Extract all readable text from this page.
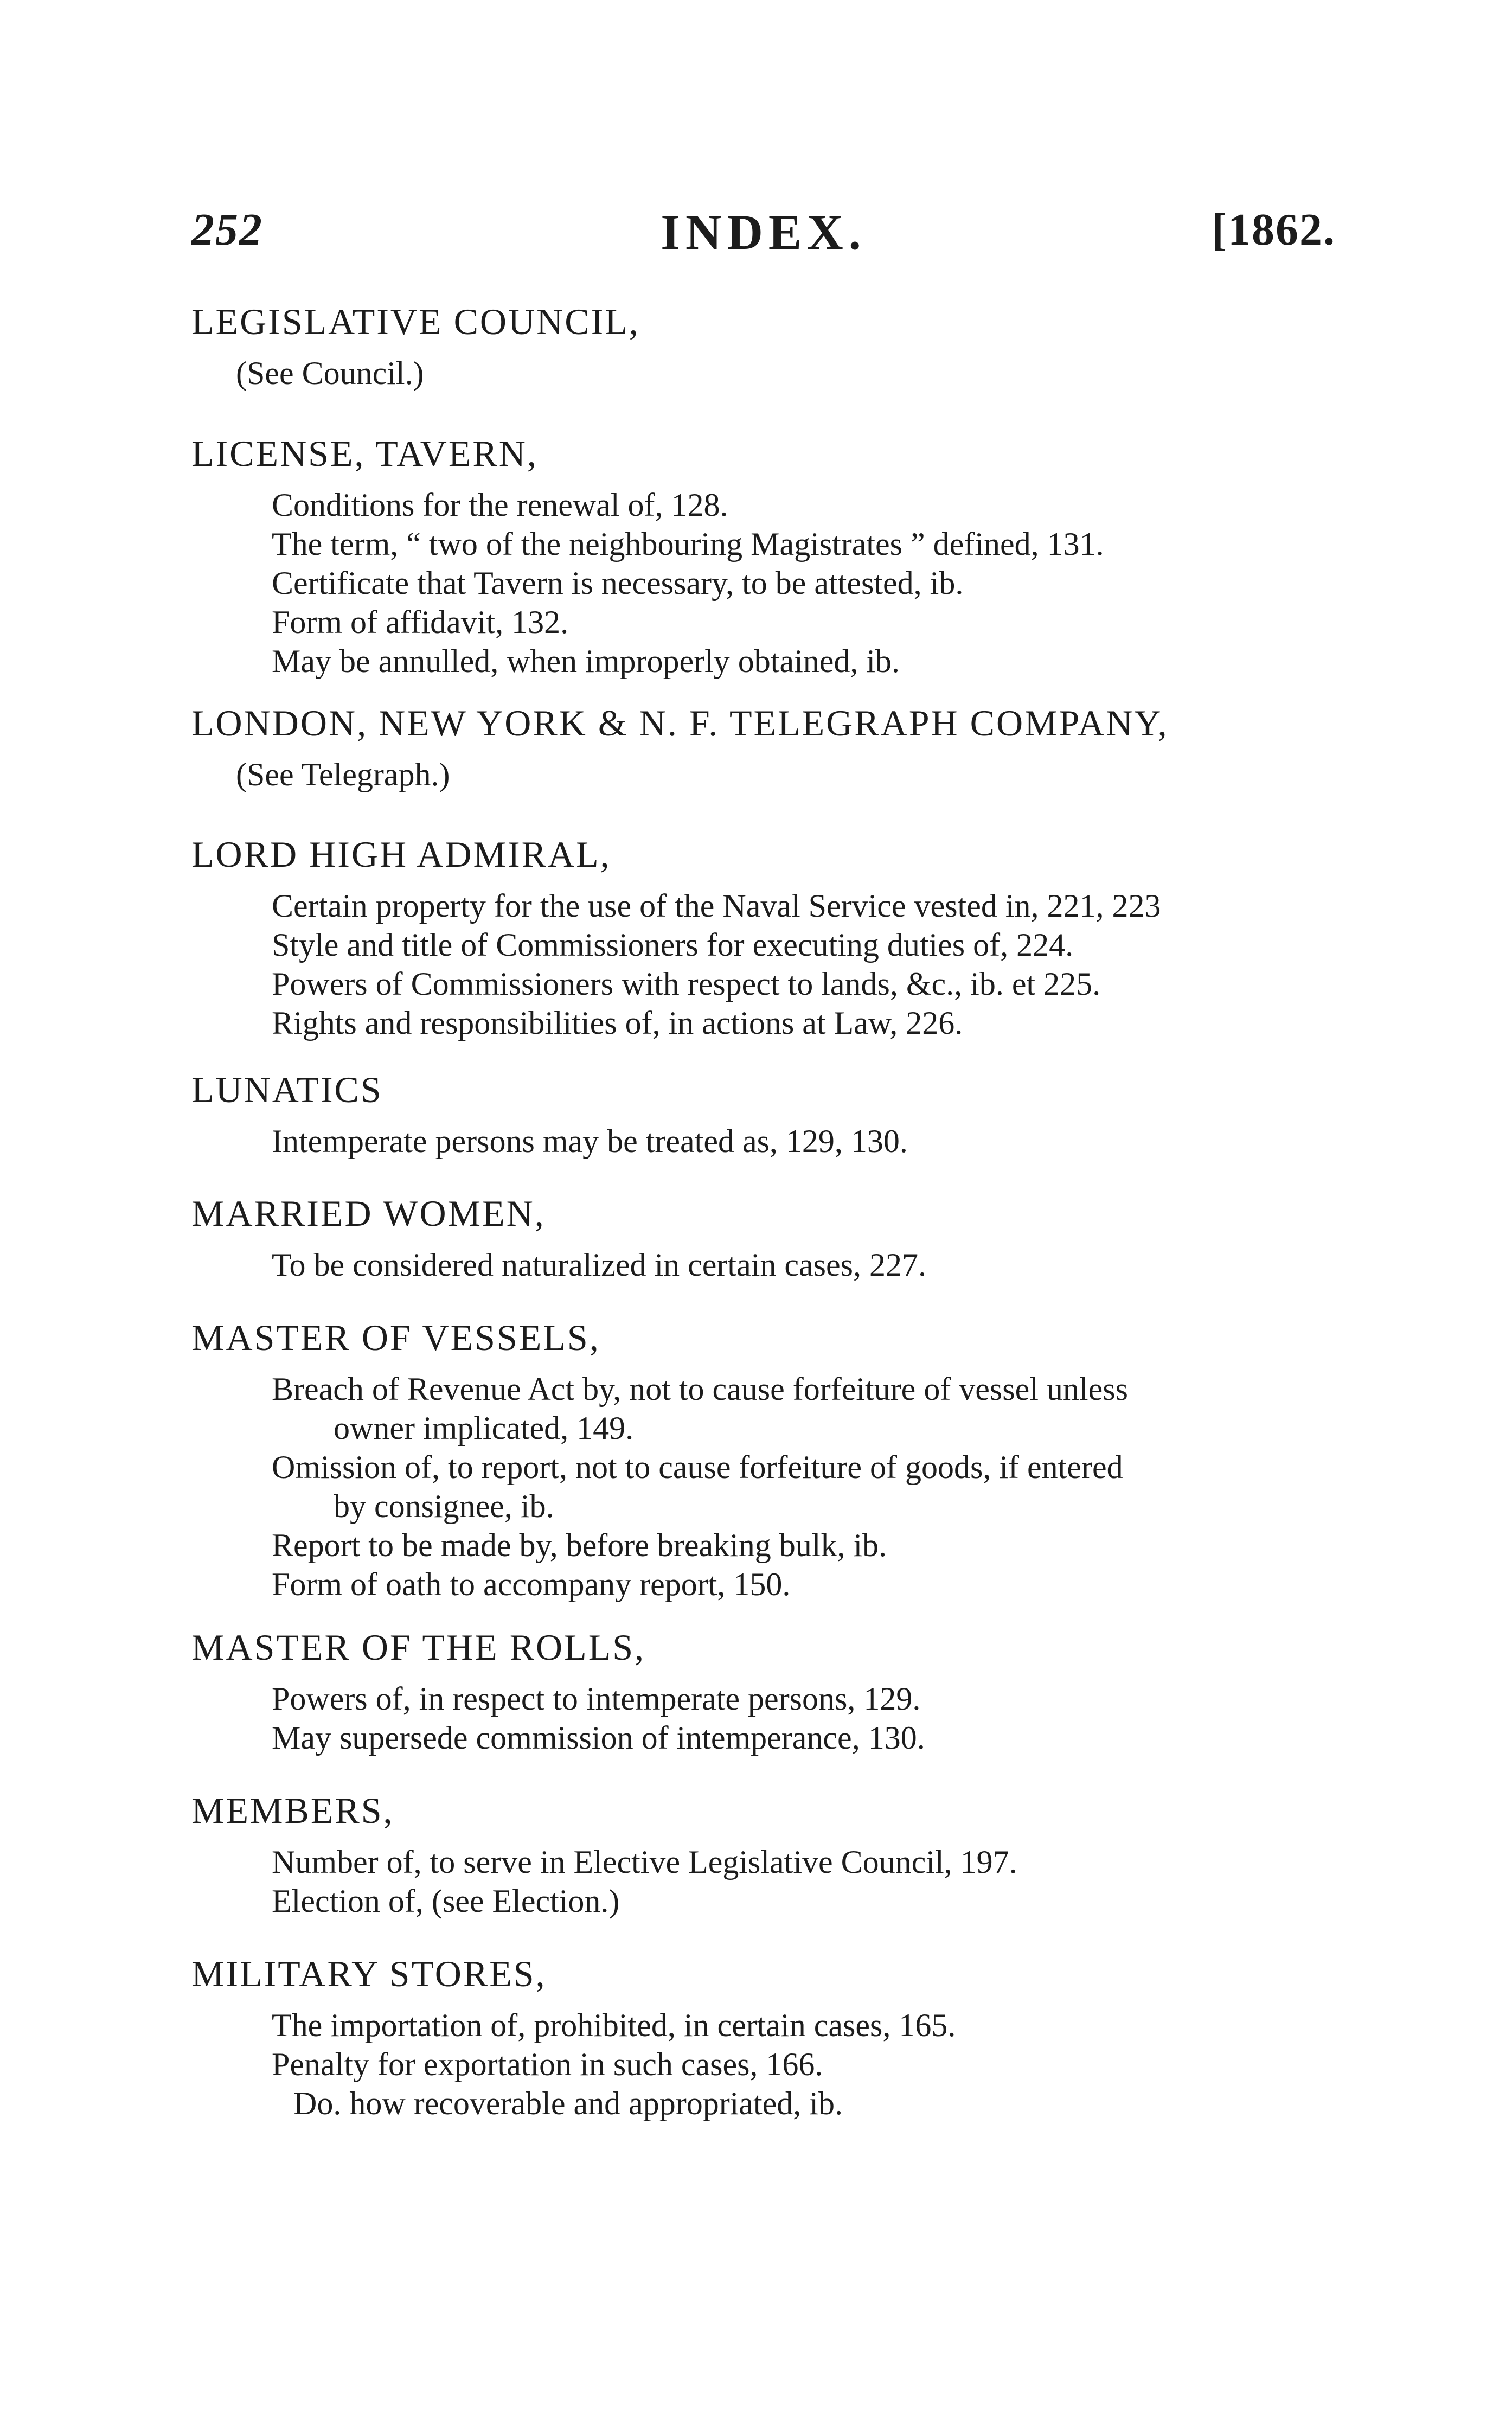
252	INDEX.	[1862.
LEGISLATIVE COUNCIL,
(See Council.)
LICENSE, TAVERN,
Conditions for the renewal of, 128.
The term, “ two of the neighbouring Magistrates ” defined, 131.
Certificate that Tavern is necessary, to be attested, ib.
Form of affidavit, 132.
May be annulled, when improperly obtained, ib.
LONDON, NEW YORK & N. F. TELEGRAPH COMPANY,
(See Telegraph.)
LORD HIGH ADMIRAL,
Certain property for the use of the Naval Service vested in, 221, 223
Style and title of Commissioners for executing duties of, 224.
Powers of Commissioners with respect to lands, &c., ib. et 225.
Rights and responsibilities of, in actions at Law, 226.
LUNATICS
Intemperate persons may be treated as, 129, 130.
MARRIED WOMEN,
To be considered naturalized in certain cases, 227.
MASTER OF VESSELS,
Breach of Revenue Act by, not to cause forfeiture of vessel unless
owner implicated, 149.
Omission of, to report, not to cause forfeiture of goods, if entered
by consignee, ib.
Report to be made by, before breaking bulk, ib.
Form of oath to accompany report, 150.
MASTER OF THE ROLLS,
Powers of, in respect to intemperate persons, 129.
May supersede commission of intemperance, 130.
MEMBERS,
Number of, to serve in Elective Legislative Council, 197.
Election of, (see Election.)
MILITARY STORES,
The importation of, prohibited, in certain cases, 165.
Penalty for exportation in such cases, 166.
Do. how recoverable and appropriated, ib.
